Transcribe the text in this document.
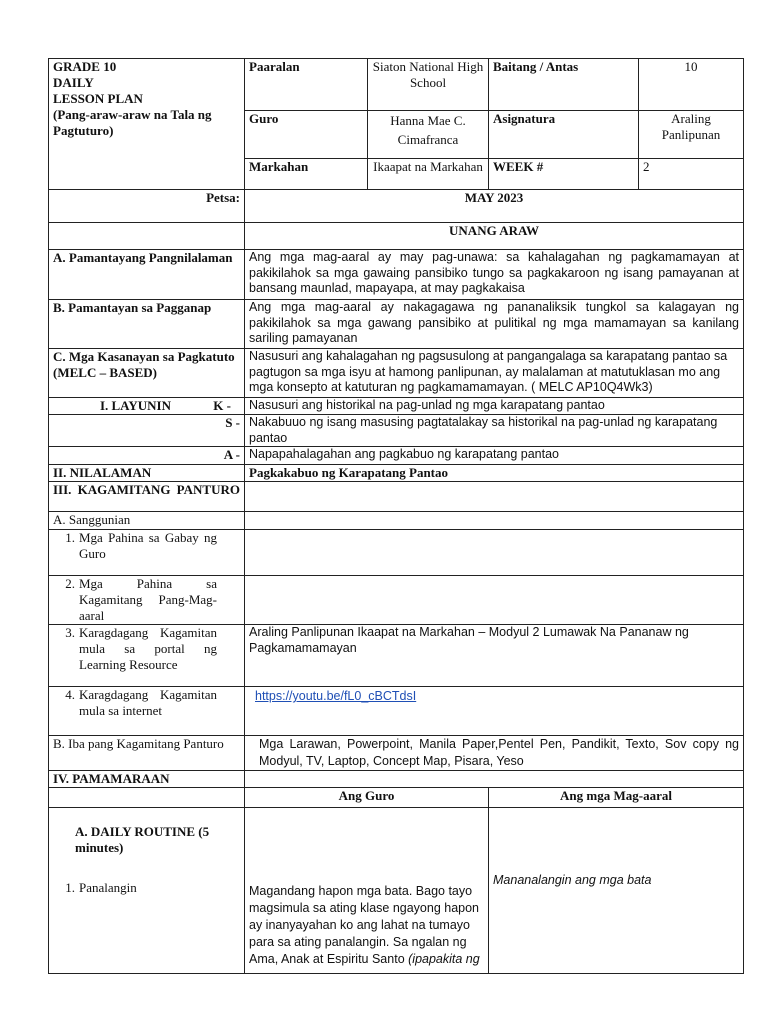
GRADE 10
DAILY
LESSON PLAN
(Pang-araw-araw na Tala ng Pagtuturo)	Paaralan	Siaton National High School	Baitang / Antas	10
	Guro	Hanna Mae C. Cimafranca	Asignatura	Araling Panlipunan
	Markahan	Ikaapat na Markahan	WEEK #	2
Petsa:	MAY 2023			
	UNANG ARAW			
A. Pamantayang Pangnilalaman	Ang mga mag-aaral ay may pag-unawa: sa kahalagahan ng pagkamamayan at pakikilahok sa mga gawaing pansibiko tungo sa pagkakaroon ng isang pamayanan at bansang maunlad, mapayapa, at may pagkakaisa			
B. Pamantayan sa Pagganap	Ang mga mag-aaral ay nakagagawa ng pananaliksik tungkol sa kalagayan ng pakikilahok sa mga gawang pansibiko at pulitikal ng mga mamamayan sa kanilang sariling pamayanan			
C. Mga Kasanayan sa Pagkatuto (MELC – BASED)	Nasusuri ang kahalagahan ng pagsusulong at pangangalaga sa karapatang pantao sa pagtugon sa mga isyu at hamong panlipunan, ay malalaman at matutuklasan mo ang mga konsepto at katuturan ng pagkamamamayan. ( MELC AP10Q4Wk3)			
I. LAYUNIN K -	Nasusuri ang historikal na pag-unlad ng mga karapatang pantao			
S -	Nakabuuo ng isang masusing pagtatalakay sa historikal na pag-unlad ng karapatang pantao			
A -	Napapahalagahan ang pagkabuo ng karapatang pantao			
II. NILALAMAN	Pagkakabuo ng Karapatang Pantao			
III. KAGAMITANG PANTURO				
A. Sanggunian				
1. Mga Pahina sa Gabay ng Guro				
2. Mga Pahina sa Kagamitang Pang-Mag-aaral				
3. Karagdagang Kagamitan mula sa portal ng Learning Resource	Araling Panlipunan Ikaapat na Markahan – Modyul 2 Lumawak Na Pananaw ng Pagkamamamayan			
4. Karagdagang Kagamitan mula sa internet	https://youtu.be/fL0_cBCTdsI			
B. Iba pang Kagamitang Panturo	Mga Larawan, Powerpoint, Manila Paper,Pentel Pen, Pandikit, Texto, Sov copy ng Modyul, TV, Laptop, Concept Map, Pisara, Yeso			
IV. PAMAMARAAN				
	Ang Guro		Ang mga Mag-aaral	

A. DAILY ROUTINE (5 minutes)
1. Panalangin	Magandang hapon mga bata. Bago tayo magsimula sa ating klase ngayong hapon ay inanyayahan ko ang lahat na tumayo para sa ating panalangin. Sa ngalan ng Ama, Anak at Espiritu Santo (ipapakita ng		Mananalangin ang mga bata	
